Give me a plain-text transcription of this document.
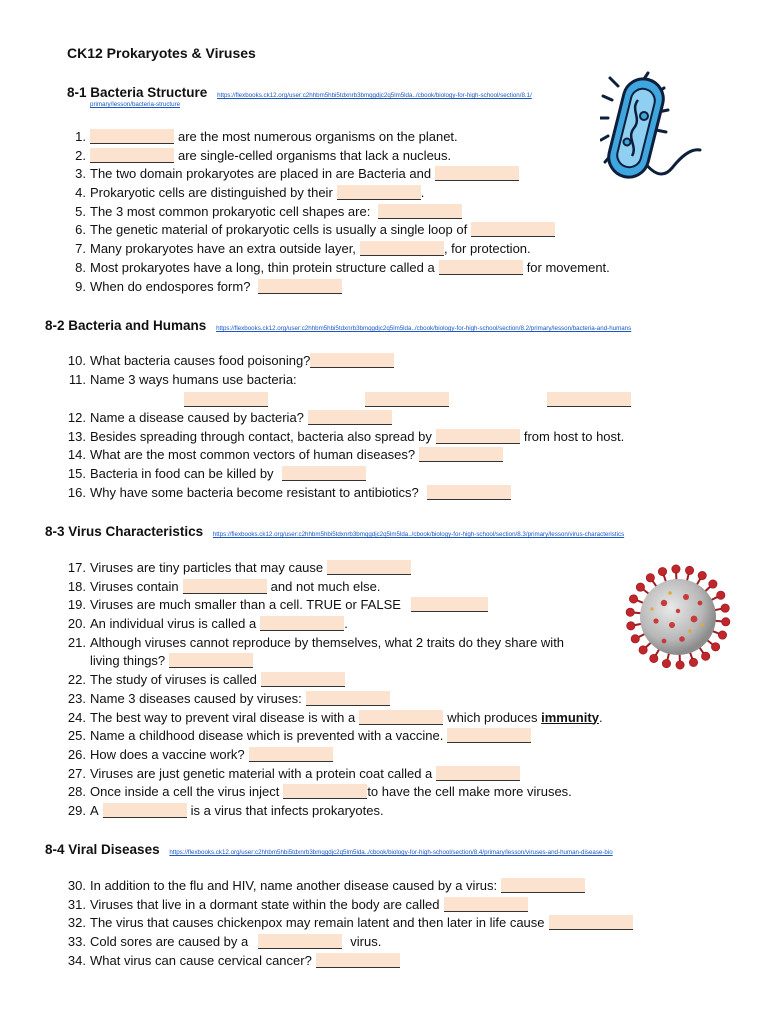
CK12 Prokaryotes & Viruses
8-1 Bacteria Structure https://flexbooks.ck12.org/user:c2hhbm5hbi5tdxnrb3bmqgdjc2q5lm5lda../cbook/biology-for-high-school/section/8.1/
primary/lesson/bacteria-structure
1.	are the most numerous organisms on the planet.
2.	are single-celled organisms that lack a nucleus.
3. The two domain prokaryotes are placed in are Bacteria and
4. Prokaryotic cells are distinguished by their	.
5. The 3 most common prokaryotic cell shapes are:
6. The genetic material of prokaryotic cells is usually a single loop of
7. Many prokaryotes have an extra outside layer,	, for protection.
8. Most prokaryotes have a long, thin protein structure called a	for movement.
9. When do endospores form?
8-2 Bacteria and Humans https://flexbooks.ck12.org/user:c2hhbm5hbi5tdxnrb3bmqgdjc2q5lm5lda../cbook/biology-for-high-school/section/8.2/primary/lesson/bacteria-and-humans
10. What bacteria causes food poisoning?
11. Name 3 ways humans use bacteria:
12. Name a disease caused by bacteria?
13. Besides spreading through contact, bacteria also spread by	from host to host.
14. What are the most common vectors of human diseases?
15. Bacteria in food can be killed by
16. Why have some bacteria become resistant to antibiotics?
8-3 Virus Characteristics https://flexbooks.ck12.org/user:c2hhbm5hbi5tdxnrb3bmqgdjc2q5lm5lda../cbook/biology-for-high-school/section/8.3/primary/lesson/virus-characteristics
17. Viruses are tiny particles that may cause
18. Viruses contain	and not much else.
19. Viruses are much smaller than a cell. TRUE or FALSE
20. An individual virus is called a	.
21. Although viruses cannot reproduce by themselves, what 2 traits do they share with
living things?
22. The study of viruses is called
23. Name 3 diseases caused by viruses:
24. The best way to prevent viral disease is with a	which produces immunity.
25. Name a childhood disease which is prevented with a vaccine.
26. How does a vaccine work?
27. Viruses are just genetic material with a protein coat called a
28. Once inside a cell the virus inject	to have the cell make more viruses.
29. A	is a virus that infects prokaryotes.
8-4 Viral Diseases https://flexbooks.ck12.org/user:c2hhbm5hbi5tdxnrb3bmqgdjc2q5lm5lda../cbook/biology-for-high-school/section/8.4/primary/lesson/viruses-and-human-disease-bio
30. In addition to the flu and HIV, name another disease caused by a virus:
31. Viruses that live in a dormant state within the body are called
32. The virus that causes chickenpox may remain latent and then later in life cause
33. Cold sores are caused by a	virus.
34. What virus can cause cervical cancer?
